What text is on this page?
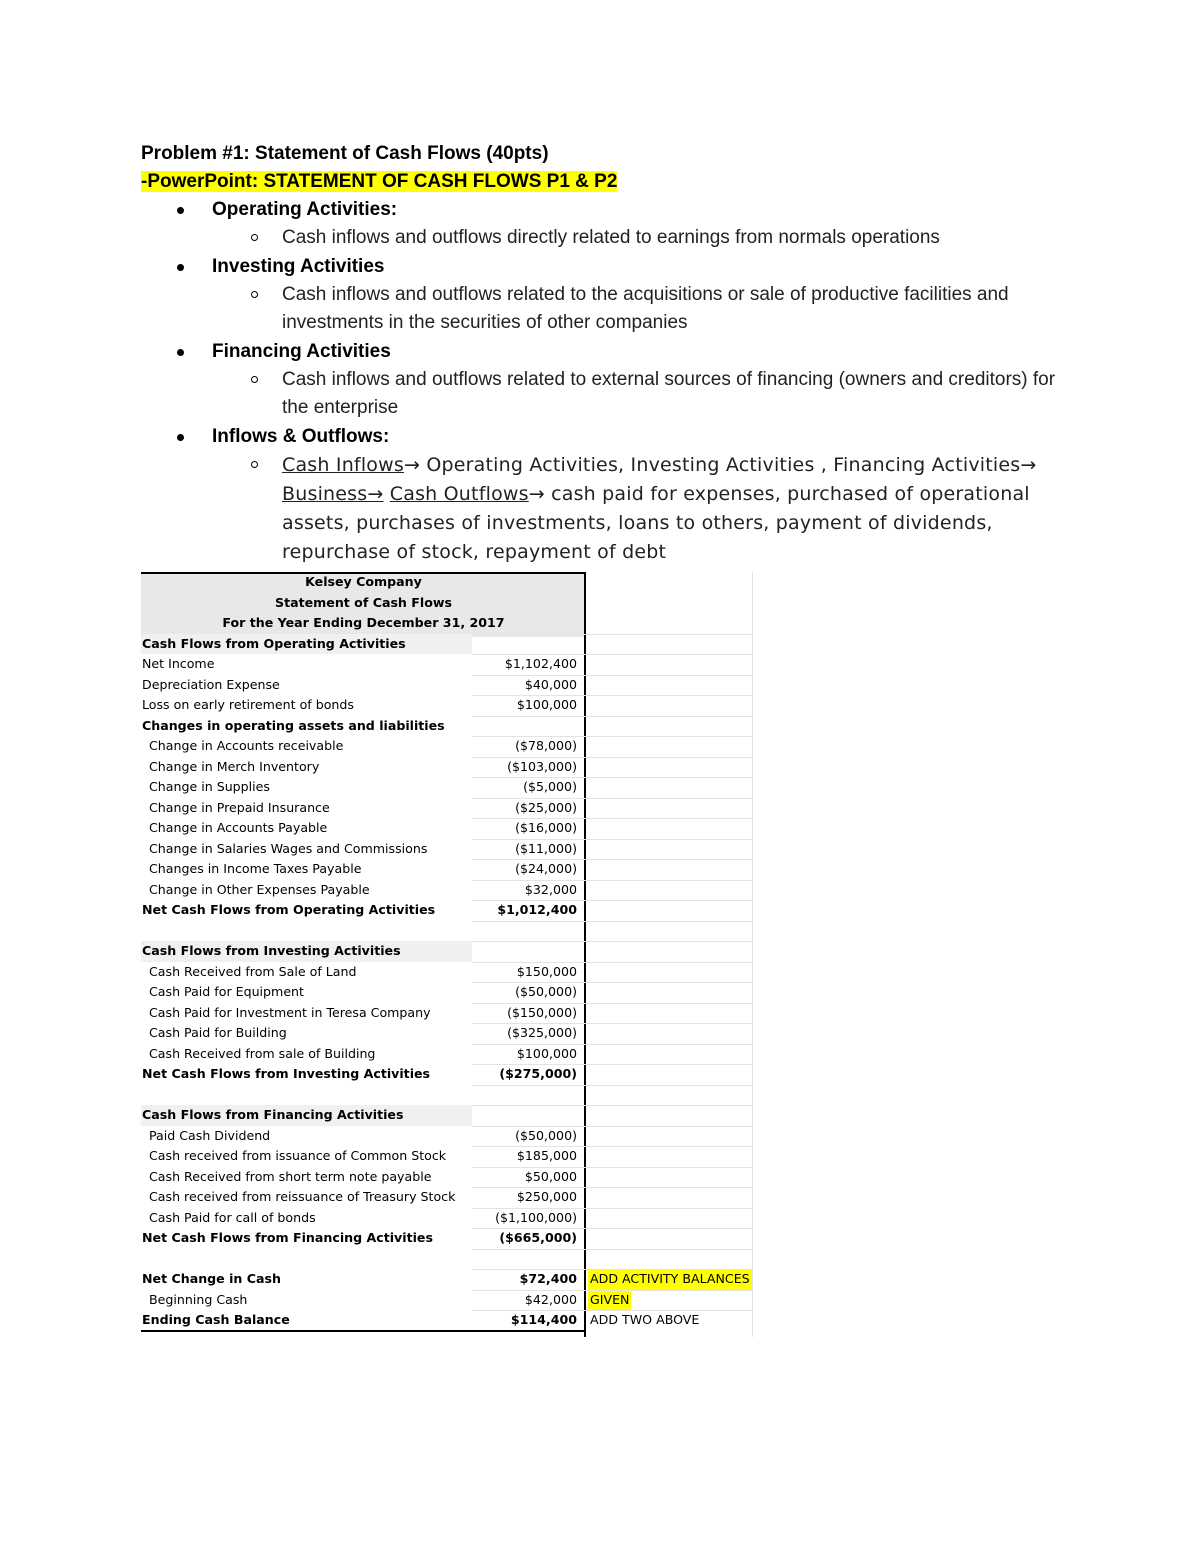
Problem #1: Statement of Cash Flows (40pts)
-PowerPoint: STATEMENT OF CASH FLOWS P1 & P2
Operating Activities:
Cash inflows and outflows directly related to earnings from normals operations
Investing Activities
Cash inflows and outflows related to the acquisitions or sale of productive facilities and investments in the securities of other companies
Financing Activities
Cash inflows and outflows related to external sources of financing (owners and creditors) for the enterprise
Inflows & Outflows:
Cash Inflows→ Operating Activities, Investing Activities , Financing Activities→ Business→ Cash Outflows→ cash paid for expenses, purchased of operational assets, purchases of investments, loans to others, payment of dividends, repurchase of stock, repayment of debt
Kelsey Company
Statement of Cash Flows
For the Year Ending December 31, 2017
Cash Flows from Operating Activities
Net Income	$1,102,400
Depreciation Expense	$40,000
Loss on early retirement of bonds	$100,000
Changes in operating assets and liabilities
Change in Accounts receivable	($78,000)
Change in Merch Inventory	($103,000)
Change in Supplies	($5,000)
Change in Prepaid Insurance	($25,000)
Change in Accounts Payable	($16,000)
Change in Salaries Wages and Commissions	($11,000)
Changes in Income Taxes Payable	($24,000)
Change in Other Expenses Payable	$32,000
Net Cash Flows from Operating Activities	$1,012,400
Cash Flows from Investing Activities
Cash Received from Sale of Land	$150,000
Cash Paid for Equipment	($50,000)
Cash Paid for Investment in Teresa Company	($150,000)
Cash Paid for Building	($325,000)
Cash Received from sale of Building	$100,000
Net Cash Flows from Investing Activities	($275,000)
Cash Flows from Financing Activities
Paid Cash Dividend	($50,000)
Cash received from issuance of Common Stock	$185,000
Cash Received from short term note payable	$50,000
Cash received from reissuance of Treasury Stock	$250,000
Cash Paid for call of bonds	($1,100,000)
Net Cash Flows from Financing Activities	($665,000)
Net Change in Cash	$72,400 ADD ACTIVITY BALANCES
Beginning Cash	$42,000 GIVEN
Ending Cash Balance	$114,400 ADD TWO ABOVE
